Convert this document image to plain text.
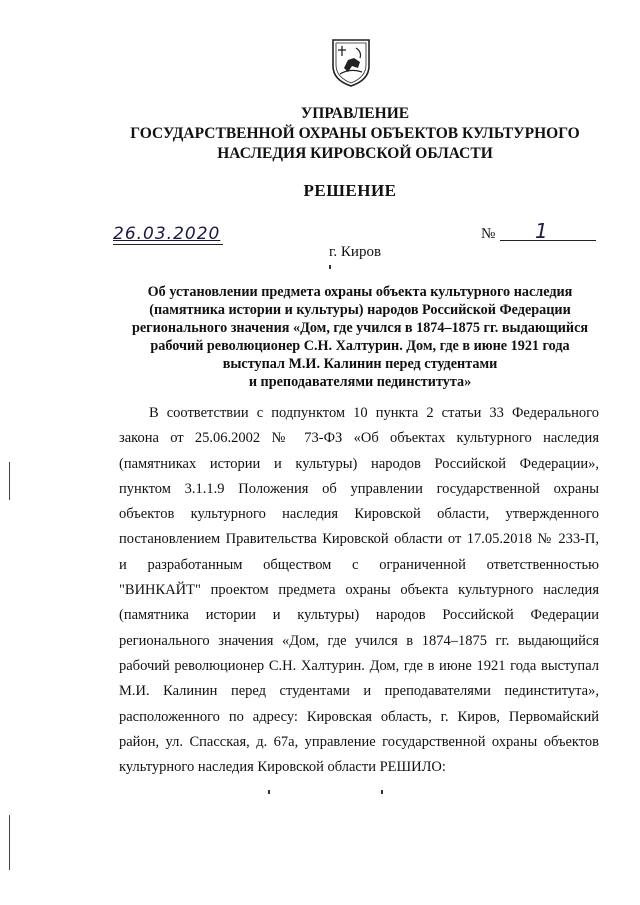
УПРАВЛЕНИЕ
ГОСУДАРСТВЕННОЙ ОХРАНЫ ОБЪЕКТОВ КУЛЬТУРНОГО
НАСЛЕДИЯ КИРОВСКОЙ ОБЛАСТИ
РЕШЕНИЕ
26.03.2020	№ 1
г. Киров
Об установлении предмета охраны объекта культурного наследия
(памятника истории и культуры) народов Российской Федерации
регионального значения «Дом, где учился в 1874–1875 гг. выдающийся
рабочий революционер С.Н. Халтурин. Дом, где в июне 1921 года
выступал М.И. Калинин перед студентами
и преподавателями пединститута»
В соответствии с подпунктом 10 пункта 2 статьи 33 Федерального
закона от 25.06.2002 № 73-ФЗ «Об объектах культурного наследия
(памятниках истории и культуры) народов Российской Федерации»,
пунктом 3.1.1.9 Положения об управлении государственной охраны
объектов культурного наследия Кировской области, утвержденного
постановлением Правительства Кировской области от 17.05.2018 № 233-П,
и разработанным обществом с ограниченной ответственностью
"ВИНКАЙТ" проектом предмета охраны объекта культурного наследия
(памятника истории и культуры) народов Российской Федерации
регионального значения «Дом, где учился в 1874–1875 гг. выдающийся
рабочий революционер С.Н. Халтурин. Дом, где в июне 1921 года выступал
М.И. Калинин перед студентами и преподавателями пединститута»,
расположенного по адресу: Кировская область, г. Киров, Первомайский
район, ул. Спасская, д. 67а, управление государственной охраны объектов
культурного наследия Кировской области РЕШИЛО:
